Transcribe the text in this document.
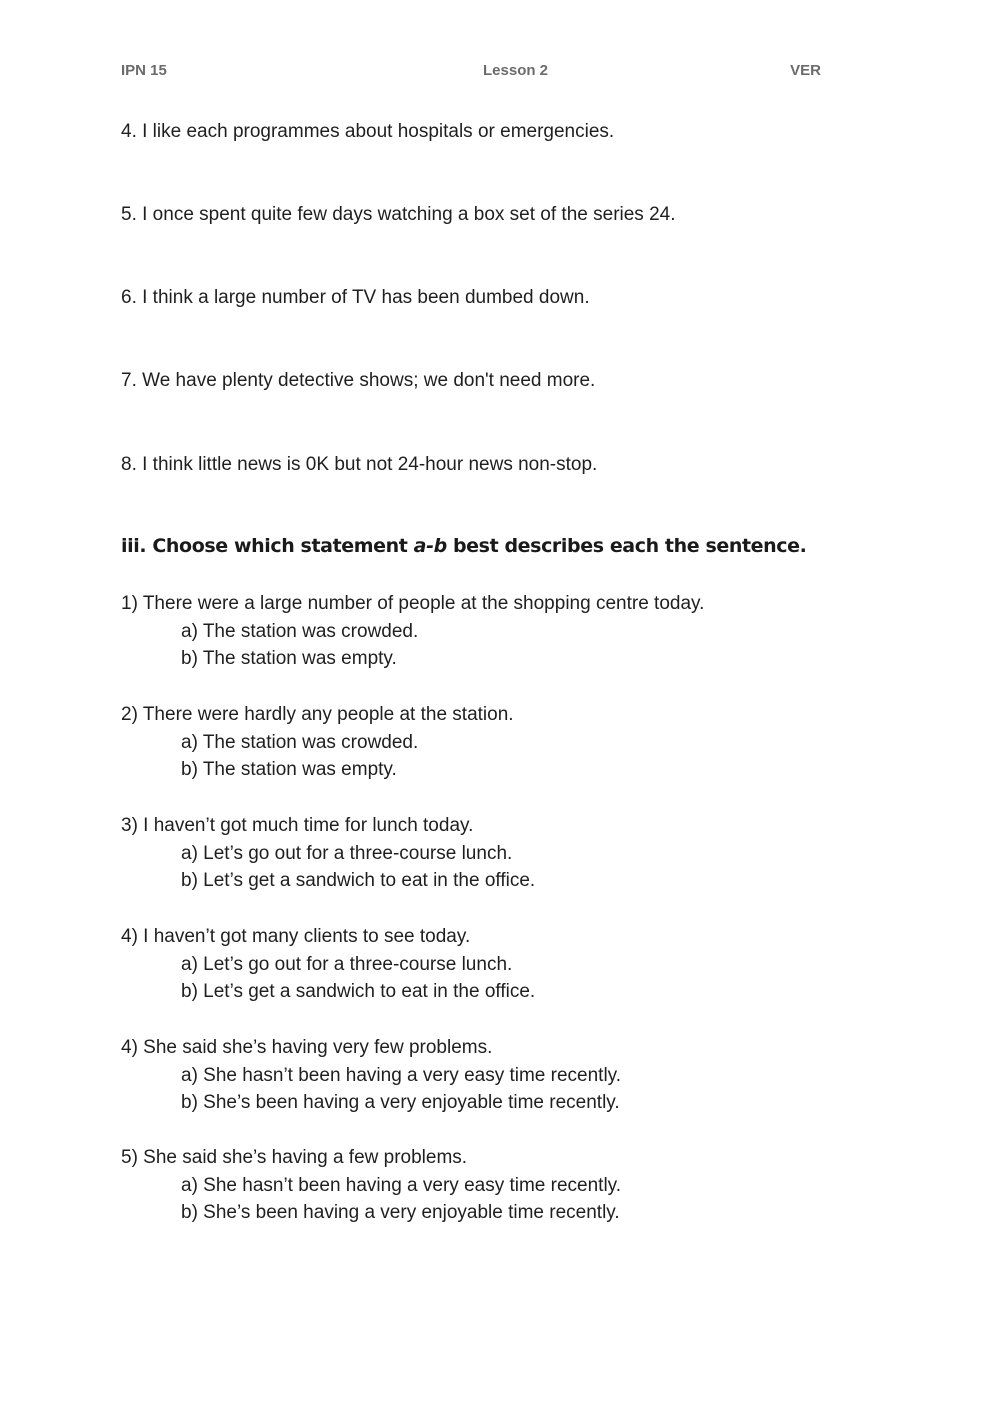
IPN 15	Lesson 2	VER
4. I like each programmes about hospitals or emergencies.
5. I once spent quite few days watching a box set of the series 24.
6. I think a large number of TV has been dumbed down.
7. We have plenty detective shows; we don't need more.
8. I think little news is 0K but not 24-hour news non-stop.
iii. Choose which statement a-b best describes each the sentence.
1) There were a large number of people at the shopping centre today.
a) The station was crowded.
b) The station was empty.
2) There were hardly any people at the station.
a) The station was crowded.
b) The station was empty.
3) I haven’t got much time for lunch today.
a) Let’s go out for a three-course lunch.
b) Let’s get a sandwich to eat in the office.
4) I haven’t got many clients to see today.
a) Let’s go out for a three-course lunch.
b) Let’s get a sandwich to eat in the office.
4) She said she’s having very few problems.
a) She hasn’t been having a very easy time recently.
b) She’s been having a very enjoyable time recently.
5) She said she’s having a few problems.
a) She hasn’t been having a very easy time recently.
b) She’s been having a very enjoyable time recently.
